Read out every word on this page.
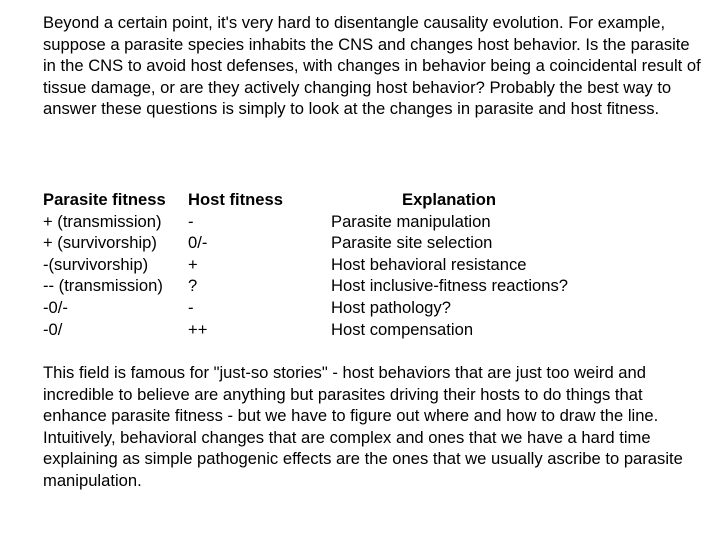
Beyond a certain point, it's very hard to disentangle causality evolution. For example, suppose a parasite species inhabits the CNS and changes host behavior. Is the parasite in the CNS to avoid host defenses, with changes in behavior being a coincidental result of tissue damage, or are they actively changing host behavior? Probably the best way to answer these questions is simply to look at the changes in parasite and host fitness.

Parasite fitness
+ (transmission)
+ (survivorship)
-(survivorship)
-- (transmission)
-0/-
-0/
Host fitness
-
0/-
+
?
-
++
Explanation
Parasite manipulation
Parasite site selection
Host behavioral resistance
Host inclusive-fitness reactions?
Host pathology?
Host compensation

This field is famous for "just-so stories" - host behaviors that are just too weird and incredible to believe are anything but parasites driving their hosts to do things that enhance parasite fitness - but we have to figure out where and how to draw the line. Intuitively, behavioral changes that are complex and ones that we have a hard time explaining as simple pathogenic effects are the ones that we usually ascribe to parasite manipulation.
